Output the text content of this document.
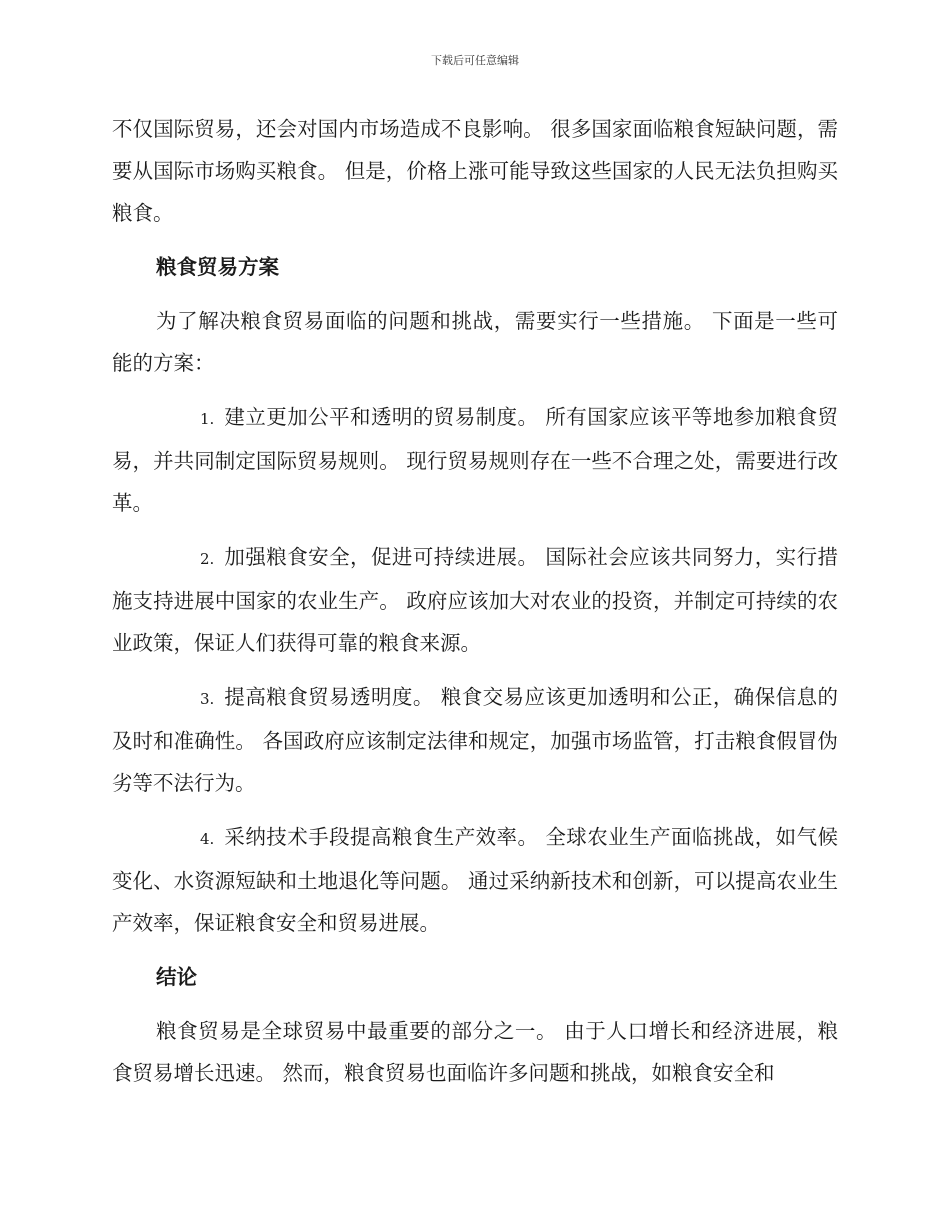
下载后可任意编辑

不仅国际贸易，还会对国内市场造成不良影响。 很多国家面临粮食短缺问题，需要从国际市场购买粮食。 但是，价格上涨可能导致这些国家的人民无法负担购买粮食。

粮食贸易方案

为了解决粮食贸易面临的问题和挑战，需要实行一些措施。 下面是一些可能的方案：

1. 建立更加公平和透明的贸易制度。 所有国家应该平等地参加粮食贸易，并共同制定国际贸易规则。 现行贸易规则存在一些不合理之处，需要进行改革。

2. 加强粮食安全，促进可持续进展。 国际社会应该共同努力，实行措施支持进展中国家的农业生产。 政府应该加大对农业的投资，并制定可持续的农业政策，保证人们获得可靠的粮食来源。

3. 提高粮食贸易透明度。 粮食交易应该更加透明和公正，确保信息的及时和准确性。 各国政府应该制定法律和规定，加强市场监管，打击粮食假冒伪劣等不法行为。

4. 采纳技术手段提高粮食生产效率。 全球农业生产面临挑战，如气候变化、水资源短缺和土地退化等问题。 通过采纳新技术和创新，可以提高农业生产效率，保证粮食安全和贸易进展。

结论

粮食贸易是全球贸易中最重要的部分之一。 由于人口增长和经济进展，粮食贸易增长迅速。 然而，粮食贸易也面临许多问题和挑战，如粮食安全和
